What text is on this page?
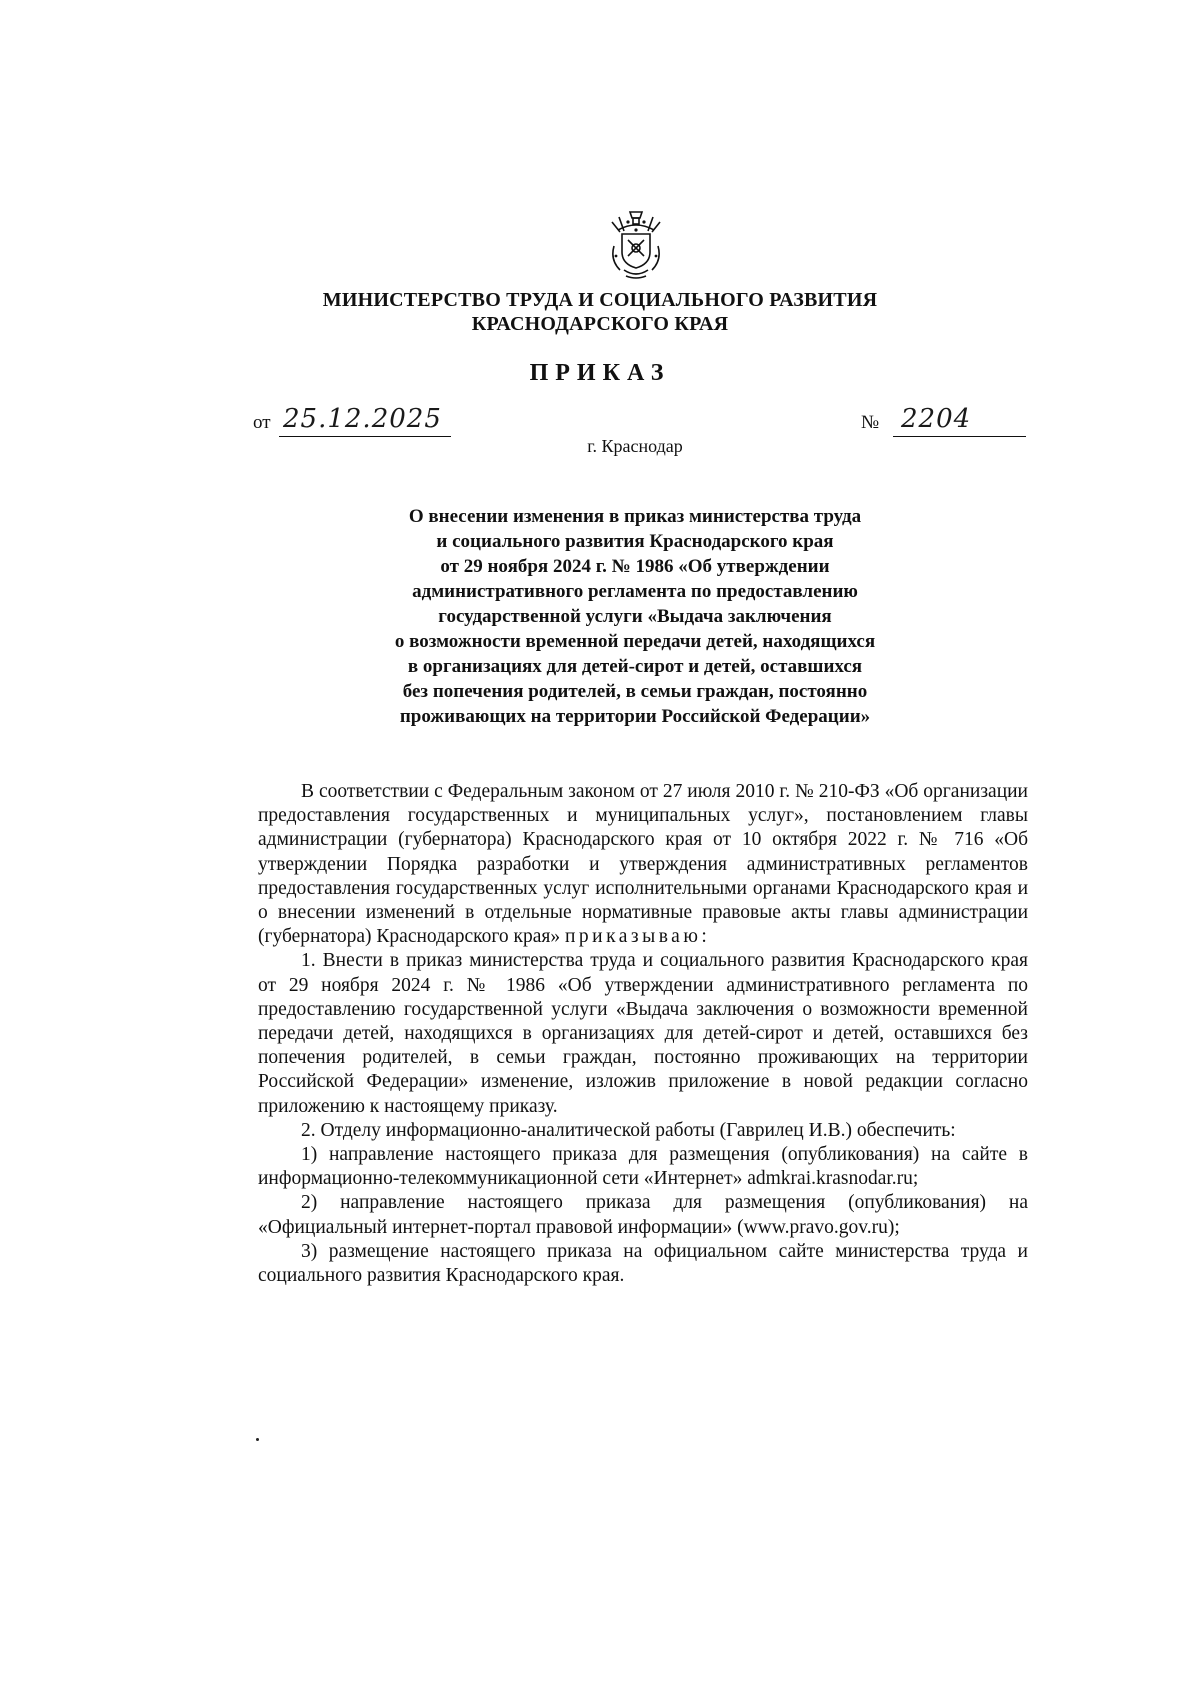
МИНИСТЕРСТВО ТРУДА И СОЦИАЛЬНОГО РАЗВИТИЯ
КРАСНОДАРСКОГО КРАЯ
ПРИКАЗ
от 25.12.2025	№ 2204
г. Краснодар
О внесении изменения в приказ министерства труда
и социального развития Краснодарского края
от 29 ноября 2024 г. № 1986 «Об утверждении
административного регламента по предоставлению
государственной услуги «Выдача заключения
о возможности временной передачи детей, находящихся
в организациях для детей-сирот и детей, оставшихся
без попечения родителей, в семьи граждан, постоянно
проживающих на территории Российской Федерации»

В соответствии с Федеральным законом от 27 июля 2010 г. № 210-ФЗ «Об организации предоставления государственных и муниципальных услуг», постановлением главы администрации (губернатора) Краснодарского края от 10 октября 2022 г. № 716 «Об утверждении Порядка разработки и утверждения административных регламентов предоставления государственных услуг исполнительными органами Краснодарского края и о внесении изменений в отдельные нормативные правовые акты главы администрации (губернатора) Краснодарского края» приказываю:

1. Внести в приказ министерства труда и социального развития Краснодарского края от 29 ноября 2024 г. № 1986 «Об утверждении административного регламента по предоставлению государственной услуги «Выдача заключения о возможности временной передачи детей, находящихся в организациях для детей-сирот и детей, оставшихся без попечения родителей, в семьи граждан, постоянно проживающих на территории Российской Федерации» изменение, изложив приложение в новой редакции согласно приложению к настоящему приказу.

2. Отделу информационно-аналитической работы (Гаврилец И.В.) обеспечить:

1) направление настоящего приказа для размещения (опубликования) на сайте в информационно-телекоммуникационной сети «Интернет» admkrai.krasnodar.ru;

2) направление настоящего приказа для размещения (опубликования) на «Официальный интернет-портал правовой информации» (www.pravo.gov.ru);

3) размещение настоящего приказа на официальном сайте министерства труда и социального развития Краснодарского края.
